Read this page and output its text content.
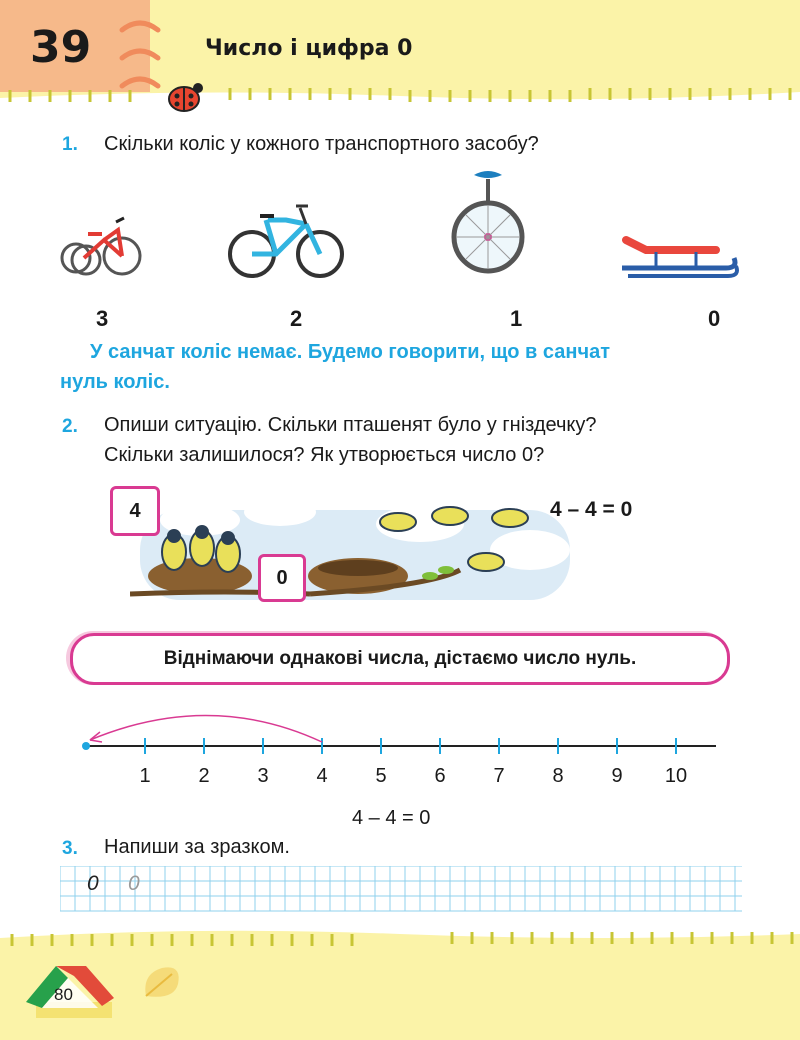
39	Число і цифра 0
1. Скільки коліс у кожного транспортного засобу?
3	2	1	0
У санчат коліс немає. Будемо говорити, що в санчат
нуль коліс.
2. Опиши ситуацію. Скільки пташенят було у гніздечку?
Скільки залишилося? Як утворюється число 0?
4
0
4 – 4 = 0
Віднімаючи однакові числа, дістаємо число нуль.
1	2	3	4	5	6	7	8	9	10
4 – 4 = 0
3. Напиши за зразком.
0 0
80
